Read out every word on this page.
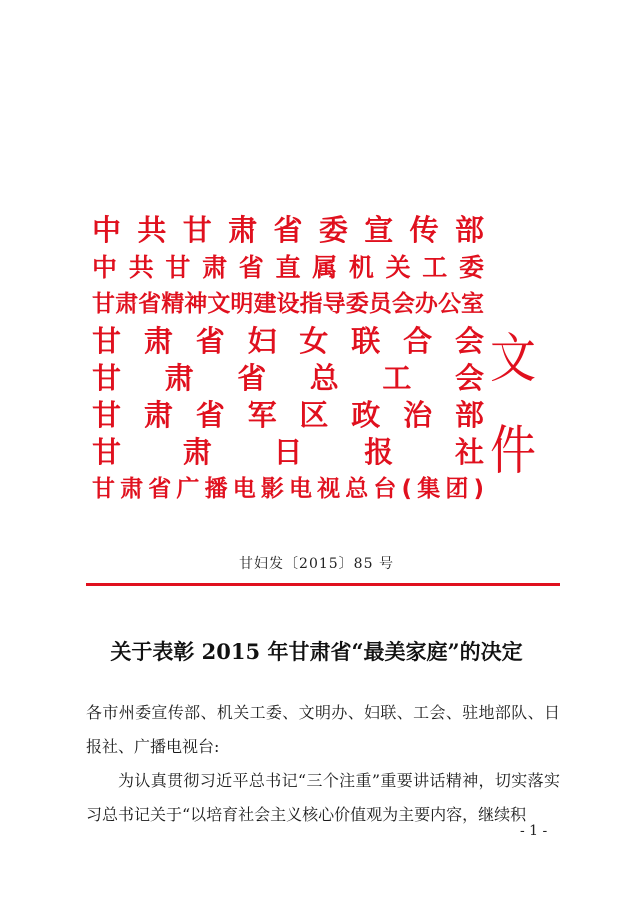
中共甘肃省委宣传部
中共甘肃省直属机关工委
甘肃省精神文明建设指导委员会办公室
甘肃省妇女联合会
甘肃省总工会
甘肃省军区政治部
甘肃日报社
甘肃省广播电影电视总台(集团)
文件
甘妇发〔2015〕85 号
关于表彰 2015 年甘肃省“最美家庭”的决定

各市州委宣传部、机关工委、文明办、妇联、工会、驻地部队、日报社、广播电视台:

为认真贯彻习近平总书记“三个注重”重要讲话精神，切实落实习总书记关于“以培育社会主义核心价值观为主要内容，继续积

- 1 -
